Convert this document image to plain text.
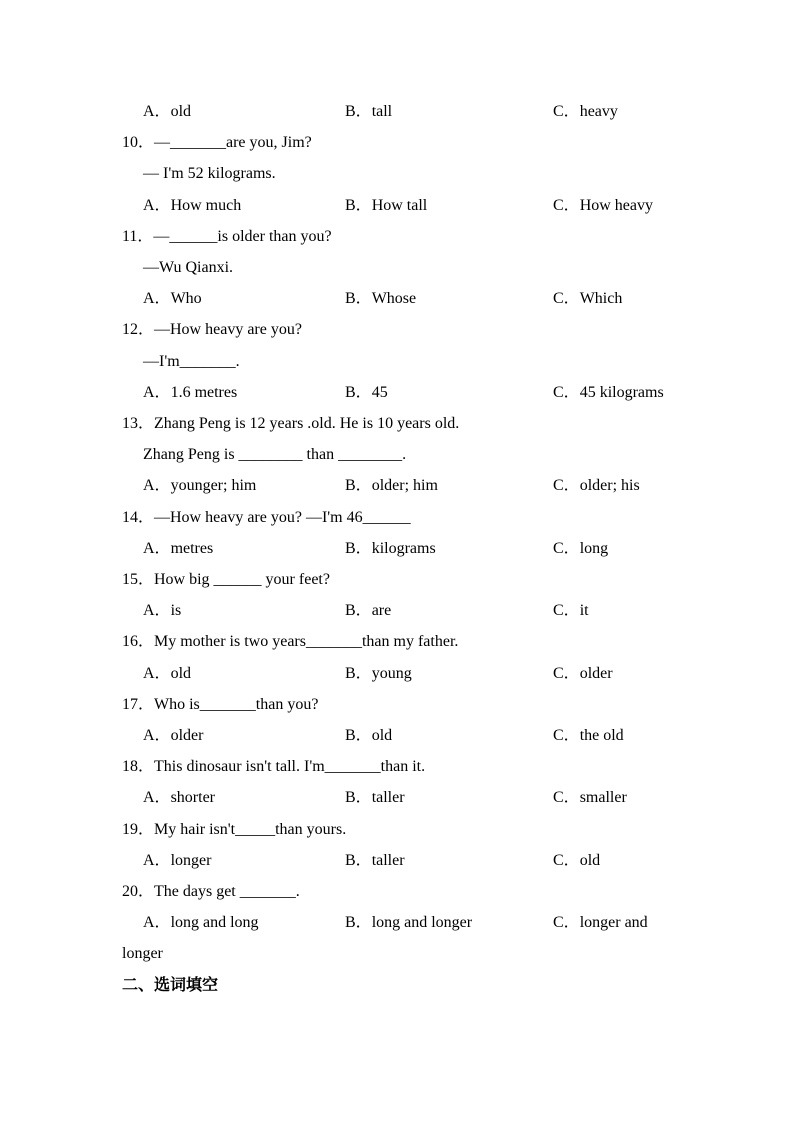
A．old	B．tall	C．heavy
10．—_______are you, Jim?
— I'm 52 kilograms.
A．How much	B．How tall	C．How heavy
11．—______is older than you?
—Wu Qianxi.
A．Who	B．Whose	C．Which
12．—How heavy are you?
—I'm_______.
A．1.6 metres	B．45	C．45 kilograms
13．Zhang Peng is 12 years .old. He is 10 years old.
Zhang Peng is ________ than ________.
A．younger; him	B．older; him	C．older; his
14．—How heavy are you? —I'm 46______
A．metres	B．kilograms	C．long
15．How big ______ your feet?
A．is	B．are	C．it
16．My mother is two years_______than my father.
A．old	B．young	C．older
17．Who is_______than you?
A．older	B．old	C．the old
18．This dinosaur isn't tall. I'm_______than it.
A．shorter	B．taller	C．smaller
19．My hair isn't_____than yours.
A．longer	B．taller	C．old
20．The days get _______.
A．long and long	B．long and longer	C．longer and
longer
二、选词填空
